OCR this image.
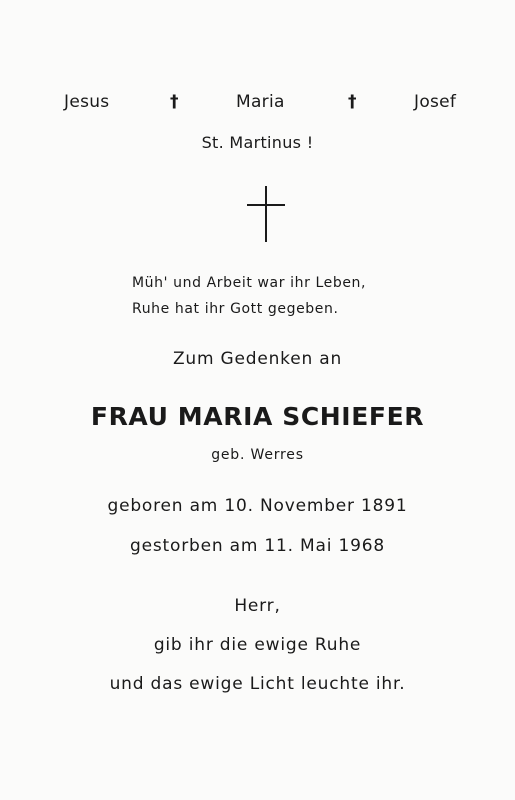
Jesus	†	Maria	†	Josef
St. Martinus !
Müh' und Arbeit war ihr Leben,
Ruhe hat ihr Gott gegeben.
Zum Gedenken an
FRAU MARIA SCHIEFER
geb. Werres
geboren am 10. November 1891
gestorben am 11. Mai 1968
Herr,
gib ihr die ewige Ruhe
und das ewige Licht leuchte ihr.
